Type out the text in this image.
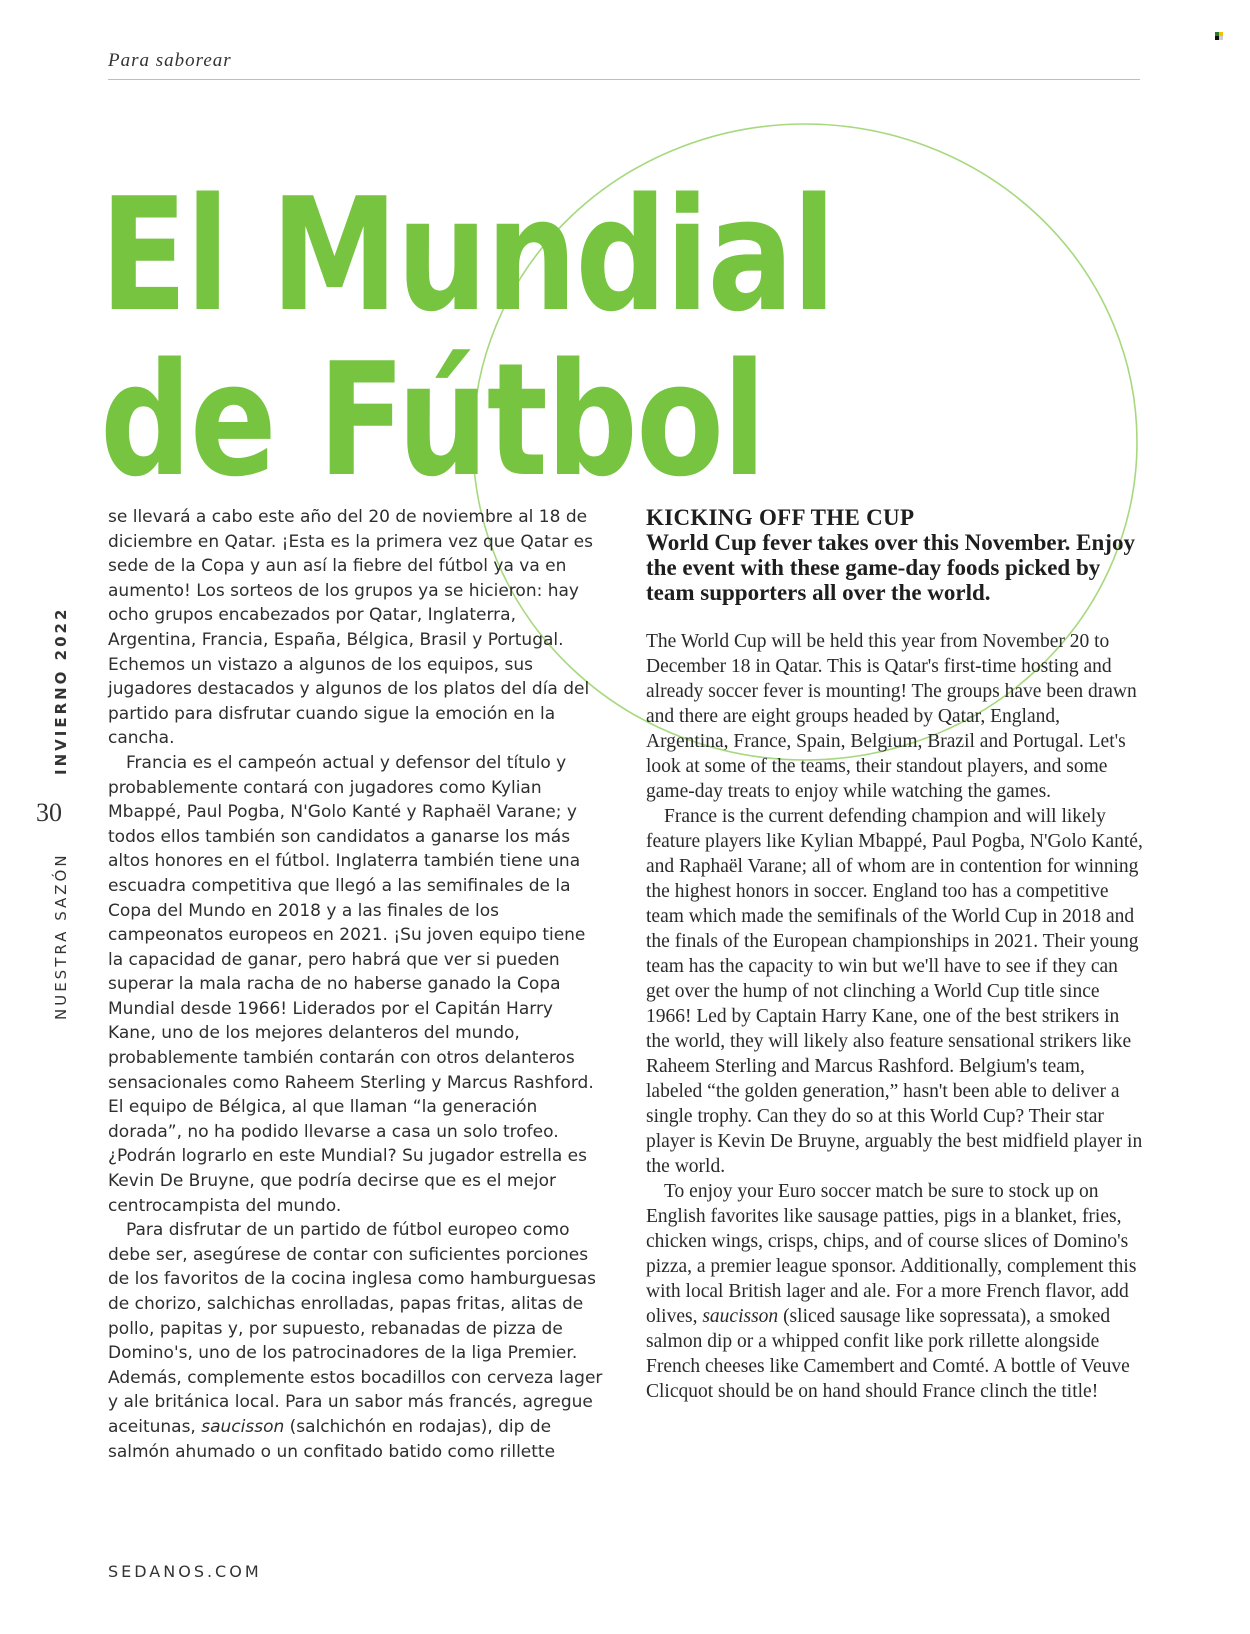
Para saborear
El Mundial
de Fútbol
INVIERNO 2022
NUESTRA SAZÓN
30

se llevará a cabo este año del 20 de noviembre al 18 de diciembre en Qatar. ¡Esta es la primera vez que Qatar es sede de la Copa y aun así la fiebre del fútbol ya va en aumento! Los sorteos de los grupos ya se hicieron: hay ocho grupos encabezados por Qatar, Inglaterra, Argentina, Francia, España, Bélgica, Brasil y Portugal. Echemos un vistazo a algunos de los equipos, sus jugadores destacados y algunos de los platos del día del partido para disfrutar cuando sigue la emoción en la cancha.

Francia es el campeón actual y defensor del título y probablemente contará con jugadores como Kylian Mbappé, Paul Pogba, N'Golo Kanté y Raphaël Varane; y todos ellos también son candidatos a ganarse los más altos honores en el fútbol. Inglaterra también tiene una escuadra competitiva que llegó a las semifinales de la Copa del Mundo en 2018 y a las finales de los campeonatos europeos en 2021. ¡Su joven equipo tiene la capacidad de ganar, pero habrá que ver si pueden superar la mala racha de no haberse ganado la Copa Mundial desde 1966! Liderados por el Capitán Harry Kane, uno de los mejores delanteros del mundo, probablemente también contarán con otros delanteros sensacionales como Raheem Sterling y Marcus Rashford. El equipo de Bélgica, al que llaman “la generación dorada”, no ha podido llevarse a casa un solo trofeo. ¿Podrán lograrlo en este Mundial? Su jugador estrella es Kevin De Bruyne, que podría decirse que es el mejor centrocampista del mundo.

Para disfrutar de un partido de fútbol europeo como debe ser, asegúrese de contar con suficientes porciones de los favoritos de la cocina inglesa como hamburguesas de chorizo, salchichas enrolladas, papas fritas, alitas de pollo, papitas y, por supuesto, rebanadas de pizza de Domino's, uno de los patrocinadores de la liga Premier. Además, complemente estos bocadillos con cerveza lager y ale británica local. Para un sabor más francés, agregue aceitunas, saucisson (salchichón en rodajas), dip de salmón ahumado o un confitado batido como rillette

KICKING OFF THE CUP
World Cup fever takes over this November. Enjoy the event with these game-day foods picked by team supporters all over the world.

The World Cup will be held this year from November 20 to December 18 in Qatar. This is Qatar's first-time hosting and already soccer fever is mounting! The groups have been drawn and there are eight groups headed by Qatar, England, Argentina, France, Spain, Belgium, Brazil and Portugal. Let's look at some of the teams, their standout players, and some game-day treats to enjoy while watching the games.

France is the current defending champion and will likely feature players like Kylian Mbappé, Paul Pogba, N'Golo Kanté, and Raphaël Varane; all of whom are in contention for winning the highest honors in soccer. England too has a competitive team which made the semifinals of the World Cup in 2018 and the finals of the European championships in 2021. Their young team has the capacity to win but we'll have to see if they can get over the hump of not clinching a World Cup title since 1966! Led by Captain Harry Kane, one of the best strikers in the world, they will likely also feature sensational strikers like Raheem Sterling and Marcus Rashford. Belgium's team, labeled “the golden generation,” hasn't been able to deliver a single trophy. Can they do so at this World Cup? Their star player is Kevin De Bruyne, arguably the best midfield player in the world.

To enjoy your Euro soccer match be sure to stock up on English favorites like sausage patties, pigs in a blanket, fries, chicken wings, crisps, chips, and of course slices of Domino's pizza, a premier league sponsor. Additionally, complement this with local British lager and ale. For a more French flavor, add olives, saucisson (sliced sausage like sopressata), a smoked salmon dip or a whipped confit like pork rillette alongside French cheeses like Camembert and Comté. A bottle of Veuve Clicquot should be on hand should France clinch the title!

SEDANOS.COM
